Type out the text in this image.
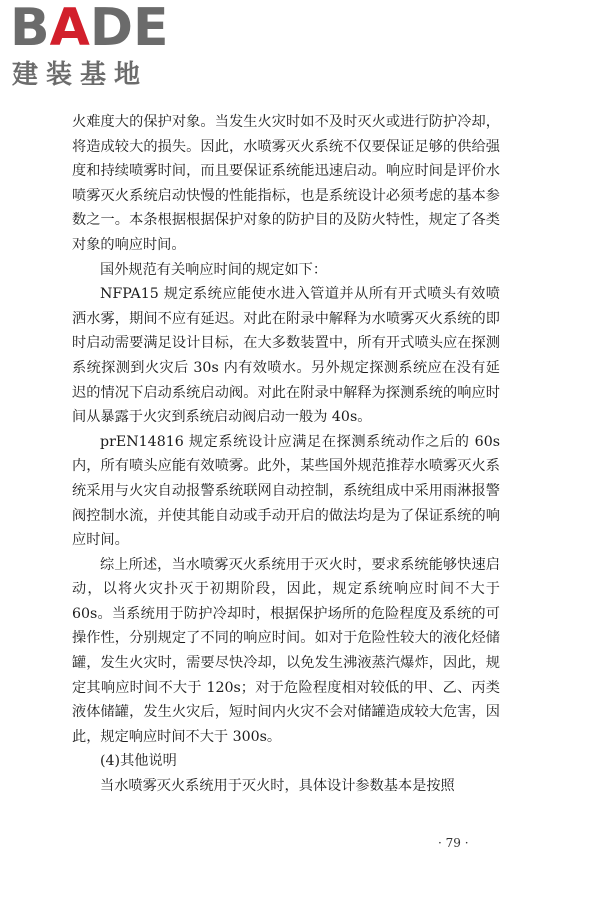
BADE
建装基地

火难度大的保护对象。当发生火灾时如不及时灭火或进行防护冷却，将造成较大的损失。因此，水喷雾灭火系统不仅要保证足够的供给强度和持续喷雾时间，而且要保证系统能迅速启动。响应时间是评价水喷雾灭火系统启动快慢的性能指标，也是系统设计必须考虑的基本参数之一。本条根据根据保护对象的防护目的及防火特性，规定了各类对象的响应时间。

国外规范有关响应时间的规定如下：

NFPA15 规定系统应能使水进入管道并从所有开式喷头有效喷洒水雾，期间不应有延迟。对此在附录中解释为水喷雾灭火系统的即时启动需要满足设计目标，在大多数装置中，所有开式喷头应在探测系统探测到火灾后 30s 内有效喷水。另外规定探测系统应在没有延迟的情况下启动系统启动阀。对此在附录中解释为探测系统的响应时间从暴露于火灾到系统启动阀启动一般为 40s。

prEN14816 规定系统设计应满足在探测系统动作之后的 60s 内，所有喷头应能有效喷雾。此外，某些国外规范推荐水喷雾灭火系统采用与火灾自动报警系统联网自动控制，系统组成中采用雨淋报警阀控制水流，并使其能自动或手动开启的做法均是为了保证系统的响应时间。

综上所述，当水喷雾灭火系统用于灭火时，要求系统能够快速启动，以将火灾扑灭于初期阶段，因此，规定系统响应时间不大于 60s。当系统用于防护冷却时，根据保护场所的危险程度及系统的可操作性，分别规定了不同的响应时间。如对于危险性较大的液化烃储罐，发生火灾时，需要尽快冷却，以免发生沸液蒸汽爆炸，因此，规定其响应时间不大于 120s；对于危险程度相对较低的甲、乙、丙类液体储罐，发生火灾后，短时间内火灾不会对储罐造成较大危害，因此，规定响应时间不大于 300s。

(4)其他说明

当水喷雾灭火系统用于灭火时，具体设计参数基本是按照

· 79 ·
